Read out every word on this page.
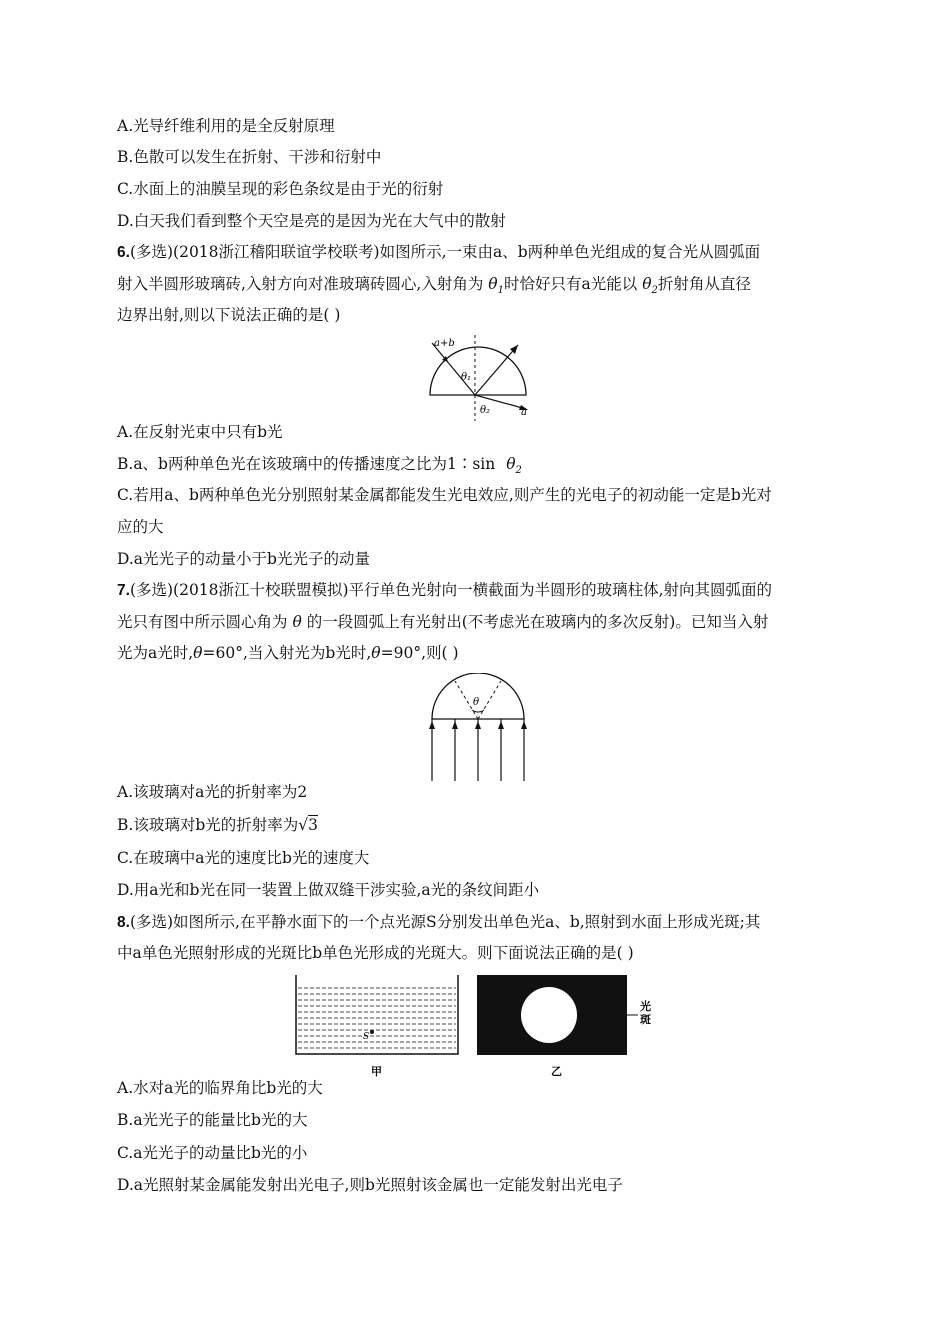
A.光导纤维利用的是全反射原理
B.色散可以发生在折射、干涉和衍射中
C.水面上的油膜呈现的彩色条纹是由于光的衍射
D.白天我们看到整个天空是亮的是因为光在大气中的散射
6.(多选)(2018浙江稽阳联谊学校联考)如图所示,一束由a、b两种单色光组成的复合光从圆弧面
射入半圆形玻璃砖,入射方向对准玻璃砖圆心,入射角为 $\theta_1$时恰好只有a光能以 $\theta_2$折射角从直径
边界出射,则以下说法正确的是( )
a+b
θ₁
θ₂	a
A.在反射光束中只有b光
B.a、b两种单色光在该玻璃中的传播速度之比为1∶sin $\theta_2$
C.若用a、b两种单色光分别照射某金属都能发生光电效应,则产生的光电子的初动能一定是b光对
应的大
D.a光光子的动量小于b光光子的动量
7.(多选)(2018浙江十校联盟模拟)平行单色光射向一横截面为半圆形的玻璃柱体,射向其圆弧面的
光只有图中所示圆心角为 θ 的一段圆弧上有光射出(不考虑光在玻璃内的多次反射)。已知当入射
光为a光时,θ=60°,当入射光为b光时,θ=90°,则( )
θ
A.该玻璃对a光的折射率为2
B.该玻璃对b光的折射率为√3
C.在玻璃中a光的速度比b光的速度大
D.用a光和b光在同一装置上做双缝干涉实验,a光的条纹间距小
8.(多选)如图所示,在平静水面下的一个点光源S分别发出单色光a、b,照射到水面上形成光斑;其
中a单色光照射形成的光斑比b单色光形成的光斑大。则下面说法正确的是( )
S
甲
光
斑
乙
A.水对a光的临界角比b光的大
B.a光光子的能量比b光的大
C.a光光子的动量比b光的小
D.a光照射某金属能发射出光电子,则b光照射该金属也一定能发射出光电子
